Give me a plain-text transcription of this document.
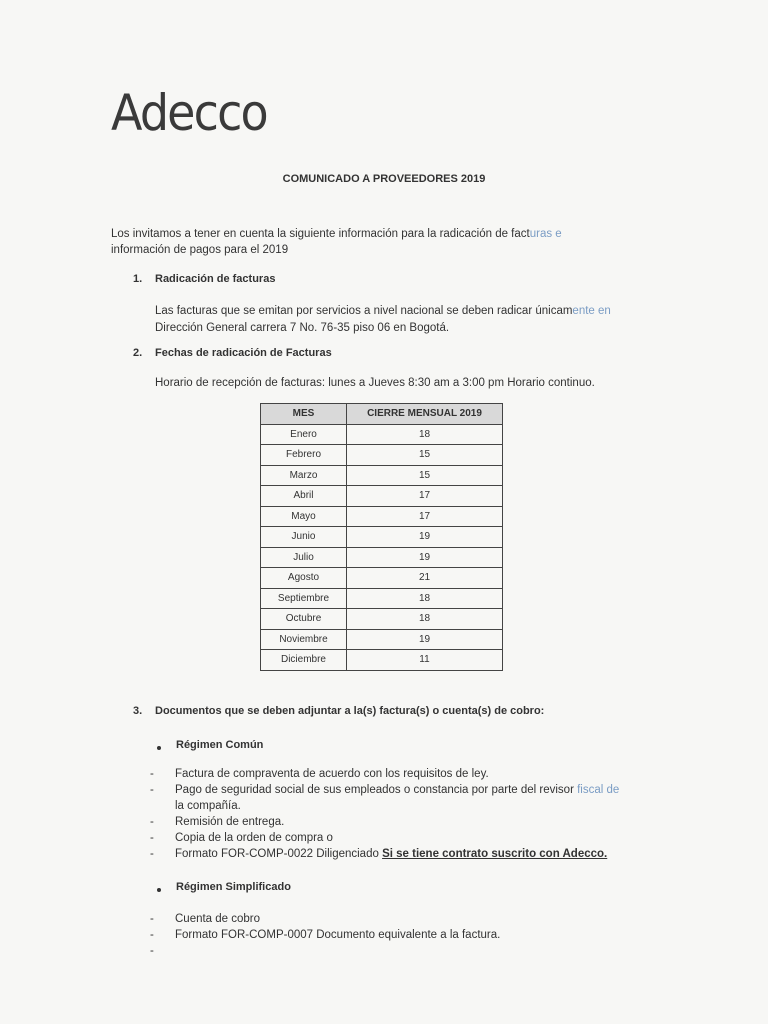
Adecco
COMUNICADO A PROVEEDORES 2019
Los invitamos a tener en cuenta la siguiente información para la radicación de facturas e
información de pagos para el 2019
1. Radicación de facturas
Las facturas que se emitan por servicios a nivel nacional se deben radicar únicamente en
Dirección General carrera 7 No. 76-35 piso 06 en Bogotá.
2. Fechas de radicación de Facturas
Horario de recepción de facturas: lunes a Jueves 8:30 am a 3:00 pm Horario continuo.
MES	CIERRE MENSUAL 2019
Enero	18
Febrero	15
Marzo	15
Abril	17
Mayo	17
Junio	19
Julio	19
Agosto	21
Septiembre	18
Octubre	18
Noviembre	19
Diciembre	11
3. Documentos que se deben adjuntar a la(s) factura(s) o cuenta(s) de cobro:
Régimen Común
- Factura de compraventa de acuerdo con los requisitos de ley.
- Pago de seguridad social de sus empleados o constancia por parte del revisor fiscal de
la compañía.
- Remisión de entrega.
- Copia de la orden de compra o
- Formato FOR-COMP-0022 Diligenciado Si se tiene contrato suscrito con Adecco.
Régimen Simplificado
- Cuenta de cobro
- Formato FOR-COMP-0007 Documento equivalente a la factura.
-
